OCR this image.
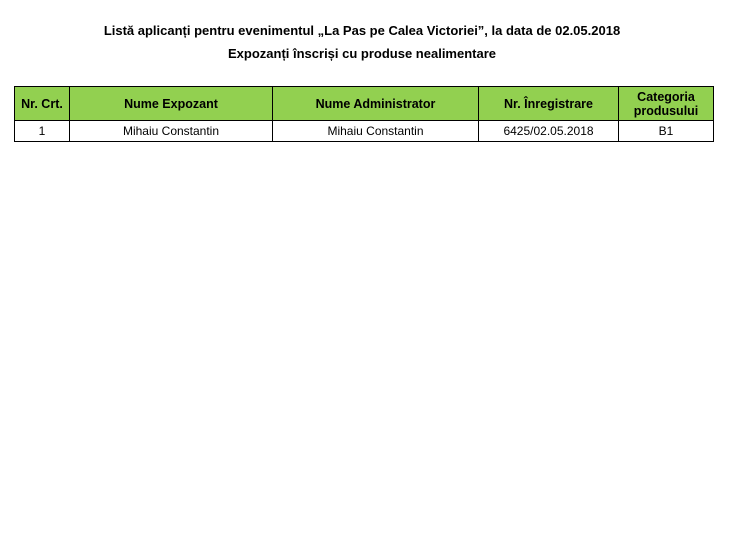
Listă aplicanți pentru evenimentul „La Pas pe Calea Victoriei”, la data de 02.05.2018
Expozanți înscriși cu produse nealimentare
Nr. Crt.	Nume Expozant	Nume Administrator	Nr. Înregistrare	Categoria produsului
1	Mihaiu Constantin	Mihaiu Constantin	6425/02.05.2018	B1
